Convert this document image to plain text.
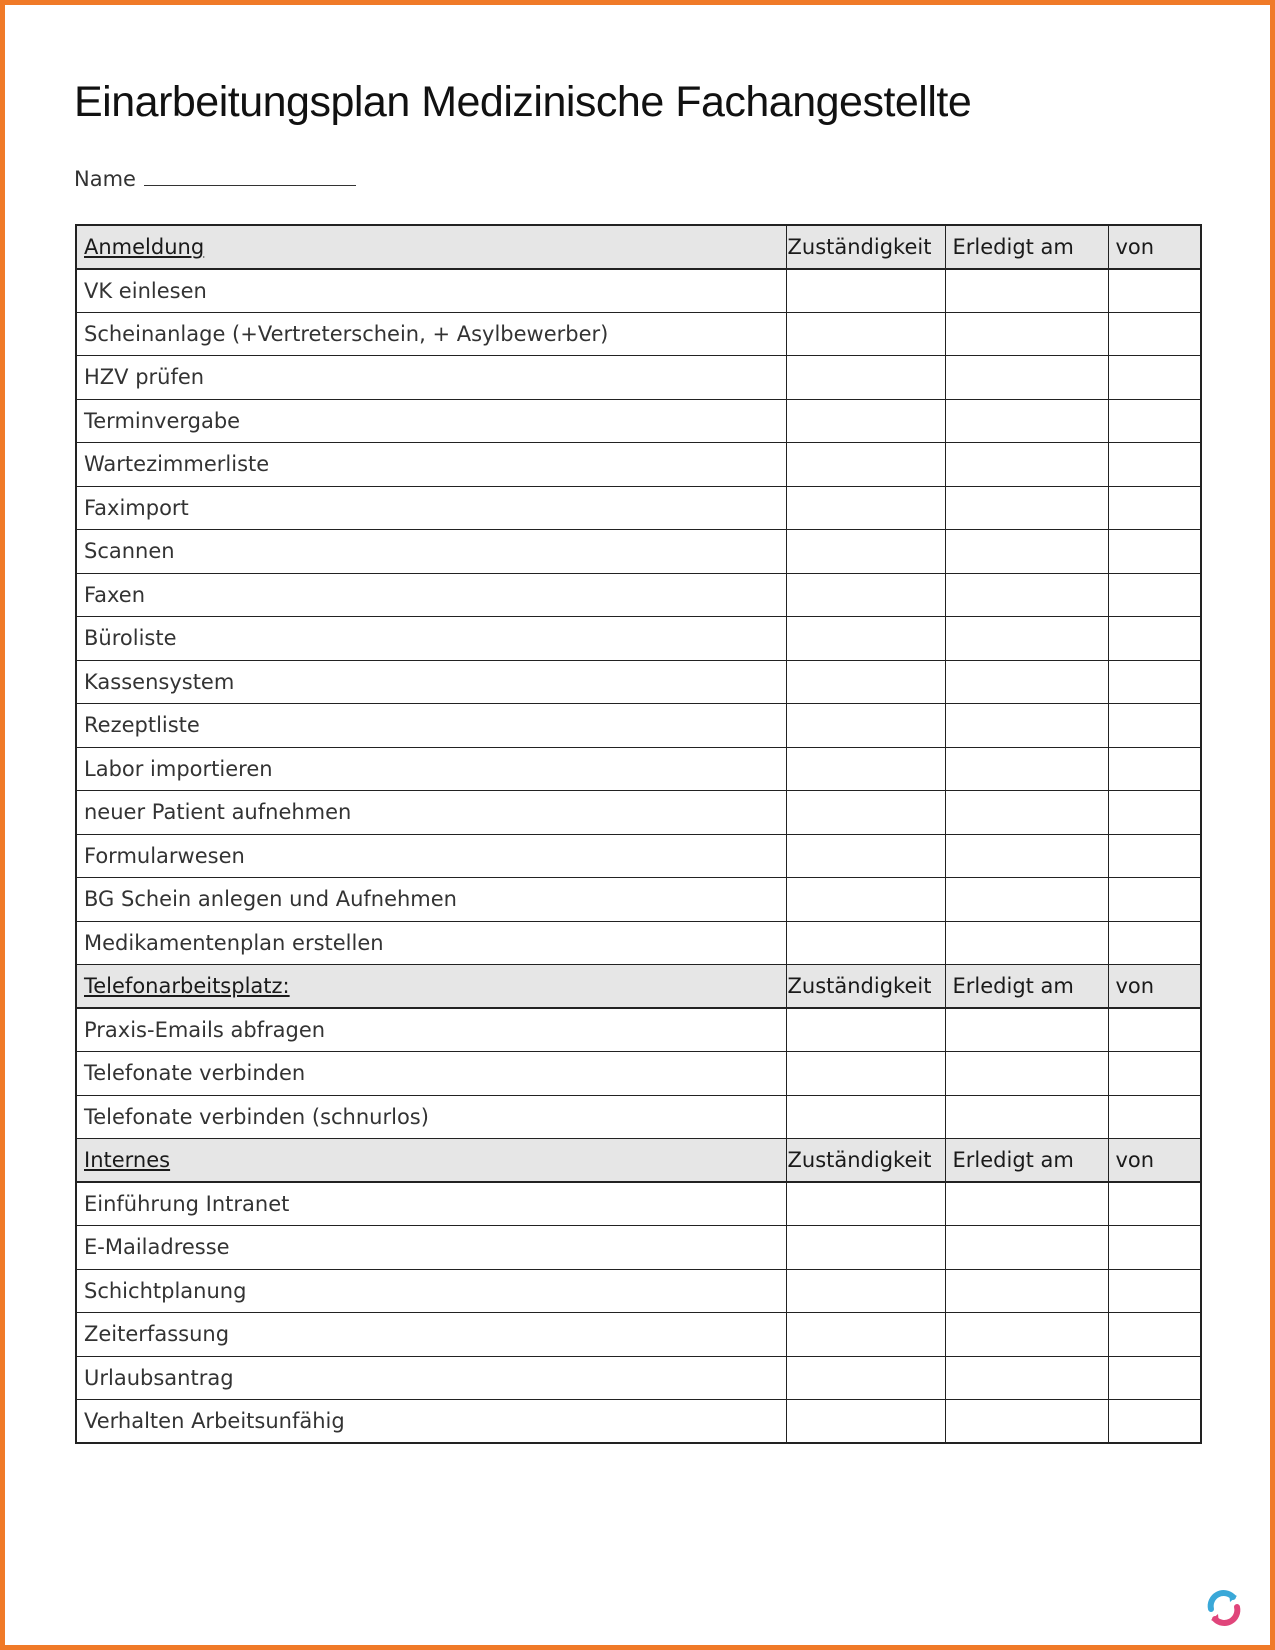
Einarbeitungsplan Medizinische Fachangestellte
Name
Anmeldung	Zuständigkeit	Erledigt am	von
VK einlesen			
Scheinanlage (+Vertreterschein, + Asylbewerber)			
HZV prüfen			
Terminvergabe			
Wartezimmerliste			
Faximport			
Scannen			
Faxen			
Büroliste			
Kassensystem			
Rezeptliste			
Labor importieren			
neuer Patient aufnehmen			
Formularwesen			
BG Schein anlegen und Aufnehmen			
Medikamentenplan erstellen			
Telefonarbeitsplatz:	Zuständigkeit	Erledigt am	von
Praxis-Emails abfragen			
Telefonate verbinden			
Telefonate verbinden (schnurlos)			
Internes	Zuständigkeit	Erledigt am	von
Einführung Intranet			
E-Mailadresse			
Schichtplanung			
Zeiterfassung			
Urlaubsantrag			
Verhalten Arbeitsunfähig			
